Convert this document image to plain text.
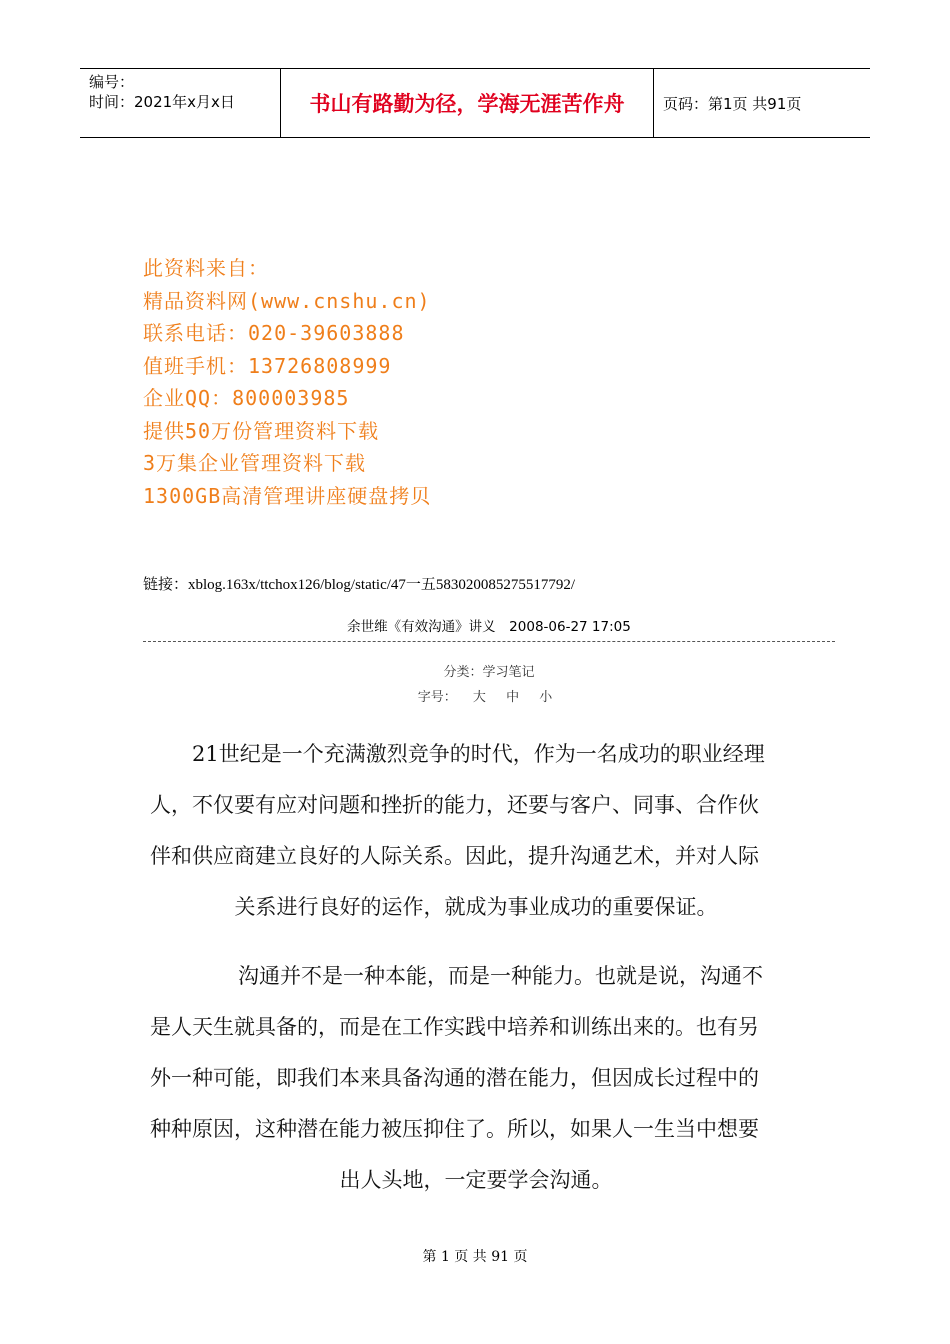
编号：
时间：2021年x月x日	书山有路勤为径，学海无涯苦作舟	页码：第1页 共91页
此资料来自：
精品资料网(www.cnshu.cn)
联系电话：020-39603888
值班手机：13726808999
企业QQ：800003985
提供50万份管理资料下载
3万集企业管理资料下载
1300GB高清管理讲座硬盘拷贝
链接：xblog.163x/ttchox126/blog/static/47一五583020085275517792/
余世维《有效沟通》讲义　2008-06-27 17:05
分类：学习笔记
字号： 大 中 小
21世纪是一个充满激烈竞争的时代，作为一名成功的职业经理
人，不仅要有应对问题和挫折的能力，还要与客户、同事、合作伙
伴和供应商建立良好的人际关系。因此，提升沟通艺术，并对人际
关系进行良好的运作，就成为事业成功的重要保证。
沟通并不是一种本能，而是一种能力。也就是说，沟通不
是人天生就具备的，而是在工作实践中培养和训练出来的。也有另
外一种可能，即我们本来具备沟通的潜在能力，但因成长过程中的
种种原因，这种潜在能力被压抑住了。所以，如果人一生当中想要
出人头地，一定要学会沟通。
第 1 页 共 91 页
